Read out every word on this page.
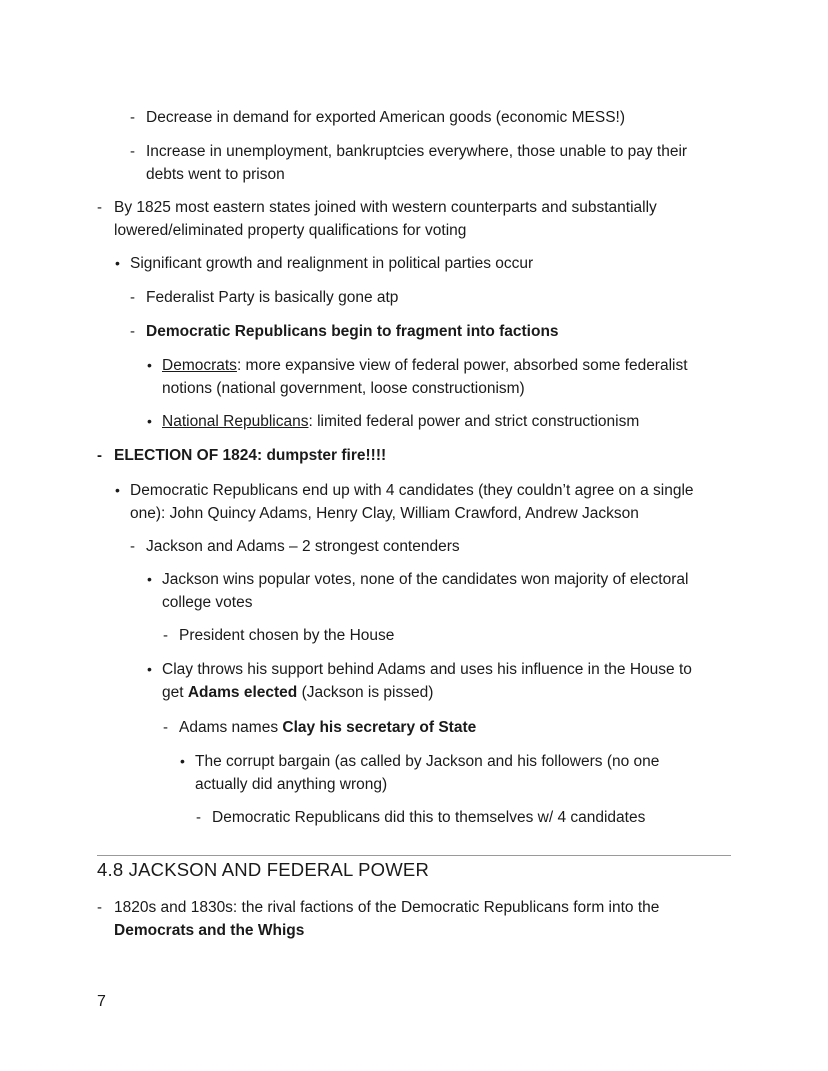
- Decrease in demand for exported American goods (economic MESS!)
- Increase in unemployment, bankruptcies everywhere, those unable to pay their
debts went to prison
- By 1825 most eastern states joined with western counterparts and substantially
lowered/eliminated property qualifications for voting
• Significant growth and realignment in political parties occur
- Federalist Party is basically gone atp
- Democratic Republicans begin to fragment into factions
• Democrats: more expansive view of federal power, absorbed some federalist
notions (national government, loose constructionism)
• National Republicans: limited federal power and strict constructionism
- ELECTION OF 1824: dumpster fire!!!!
• Democratic Republicans end up with 4 candidates (they couldn’t agree on a single
one): John Quincy Adams, Henry Clay, William Crawford, Andrew Jackson
- Jackson and Adams – 2 strongest contenders
• Jackson wins popular votes, none of the candidates won majority of electoral
college votes
- President chosen by the House
• Clay throws his support behind Adams and uses his influence in the House to
get Adams elected (Jackson is pissed)
- Adams names Clay his secretary of State
• The corrupt bargain (as called by Jackson and his followers (no one
actually did anything wrong)
- Democratic Republicans did this to themselves w/ 4 candidates
4.8 JACKSON AND FEDERAL POWER
- 1820s and 1830s: the rival factions of the Democratic Republicans form into the
Democrats and the Whigs
7
